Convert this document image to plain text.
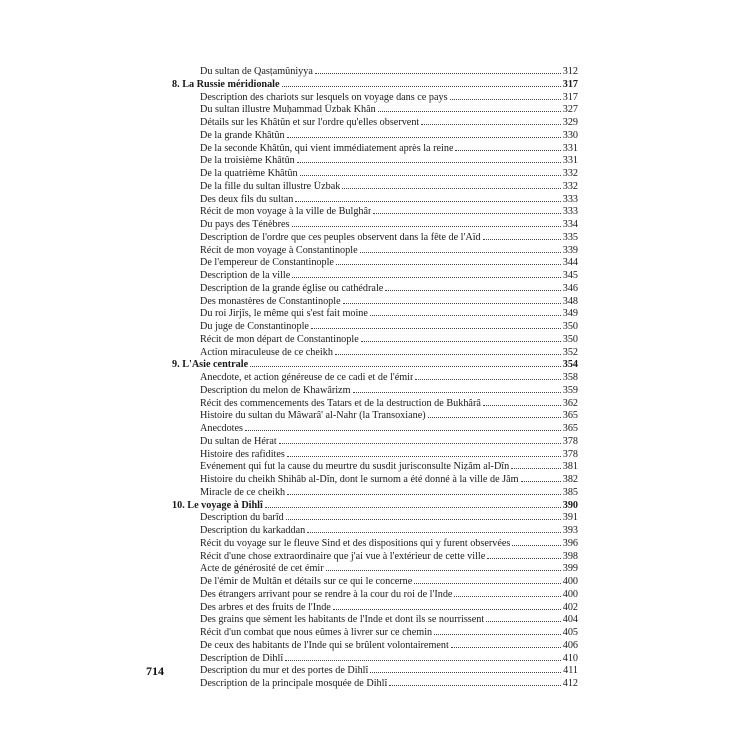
Du sultan de Qasṭamûniyya	312
8. La Russie méridionale	317
Description des chariots sur lesquels on voyage dans ce pays	317
Du sultan illustre Muḥammad Üzbak Khân	327
Détails sur les Khâtûn et sur l'ordre qu'elles observent	329
De la grande Khâtûn	330
De la seconde Khâtûn, qui vient immédiatement après la reine	331
De la troisième Khâtûn	331
De la quatrième Khâtûn	332
De la fille du sultan illustre Üzbak	332
Des deux fils du sultan	333
Récit de mon voyage à la ville de Bulghâr	333
Du pays des Ténèbres	334
Description de l'ordre que ces peuples observent dans la fête de l'Aïd	335
Récit de mon voyage à Constantinople	339
De l'empereur de Constantinople	344
Description de la ville	345
Description de la grande église ou cathédrale	346
Des monastères de Constantinople	348
Du roi Jirjîs, le même qui s'est fait moine	349
Du juge de Constantinople	350
Récit de mon départ de Constantinople	350
Action miraculeuse de ce cheikh	352
9. L'Asie centrale	354
Anecdote, et action généreuse de ce cadi et de l'émir	358
Description du melon de Khawârizm	359
Récit des commencements des Tatars et de la destruction de Bukhârâ	362
Histoire du sultan du Mâwarâ' al-Nahr (la Transoxiane)	365
Anecdotes	365
Du sultan de Hérat	378
Histoire des rafidites	378
Événement qui fut la cause du meurtre du susdit jurisconsulte Niẓâm al-Dîn	381
Histoire du cheikh Shihâb al-Dîn, dont le surnom a été donné à la ville de Jâm	382
Miracle de ce cheikh	385
10. Le voyage à Dihlî	390
Description du barîd	391
Description du karkaddan	393
Récit du voyage sur le fleuve Sind et des dispositions qui y furent observées	396
Récit d'une chose extraordinaire que j'ai vue à l'extérieur de cette ville	398
Acte de générosité de cet émir	399
De l'émir de Multân et détails sur ce qui le concerne	400
Des étrangers arrivant pour se rendre à la cour du roi de l'Inde	400
Des arbres et des fruits de l'Inde	402
Des grains que sèment les habitants de l'Inde et dont ils se nourrissent	404
Récit d'un combat que nous eûmes à livrer sur ce chemin	405
De ceux des habitants de l'Inde qui se brûlent volontairement	406
Description de Dihlî	410
Description du mur et des portes de Dihlî	411
Description de la principale mosquée de Dihlî	412
714
